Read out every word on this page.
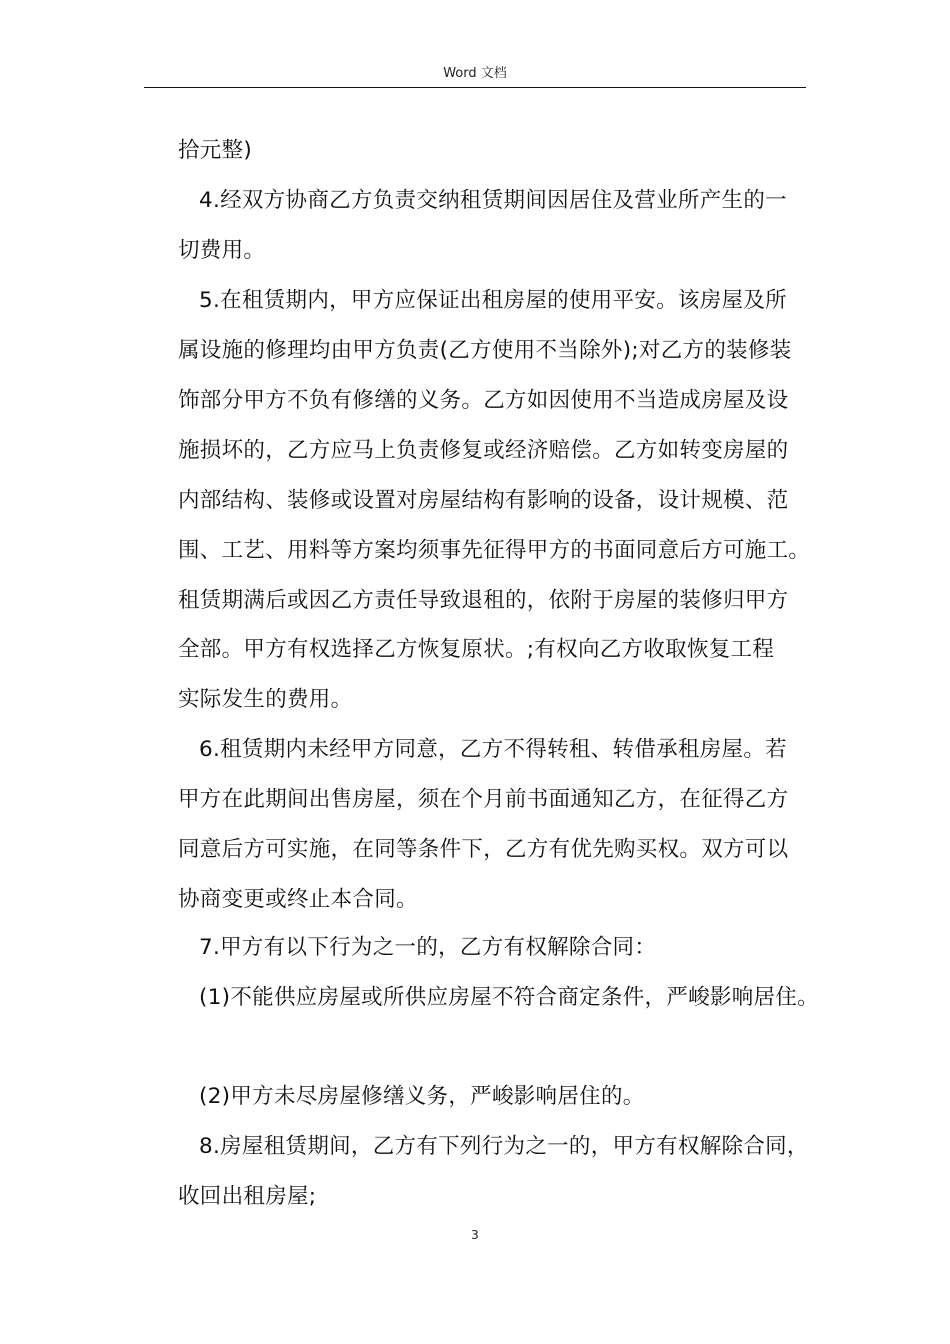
Word 文档
拾元整)
4.经双方协商乙方负责交纳租赁期间因居住及营业所产生的一
切费用。
5.在租赁期内，甲方应保证出租房屋的使用平安。该房屋及所
属设施的修理均由甲方负责(乙方使用不当除外);对乙方的装修装
饰部分甲方不负有修缮的义务。乙方如因使用不当造成房屋及设
施损坏的，乙方应马上负责修复或经济赔偿。乙方如转变房屋的
内部结构、装修或设置对房屋结构有影响的设备，设计规模、范
围、工艺、用料等方案均须事先征得甲方的书面同意后方可施工。
租赁期满后或因乙方责任导致退租的，依附于房屋的装修归甲方
全部。甲方有权选择乙方恢复原状。;有权向乙方收取恢复工程
实际发生的费用。
6.租赁期内未经甲方同意，乙方不得转租、转借承租房屋。若
甲方在此期间出售房屋，须在个月前书面通知乙方，在征得乙方
同意后方可实施，在同等条件下，乙方有优先购买权。双方可以
协商变更或终止本合同。
7.甲方有以下行为之一的，乙方有权解除合同：
(1)不能供应房屋或所供应房屋不符合商定条件，严峻影响居住。
(2)甲方未尽房屋修缮义务，严峻影响居住的。
8.房屋租赁期间，乙方有下列行为之一的，甲方有权解除合同，
收回出租房屋;
3
